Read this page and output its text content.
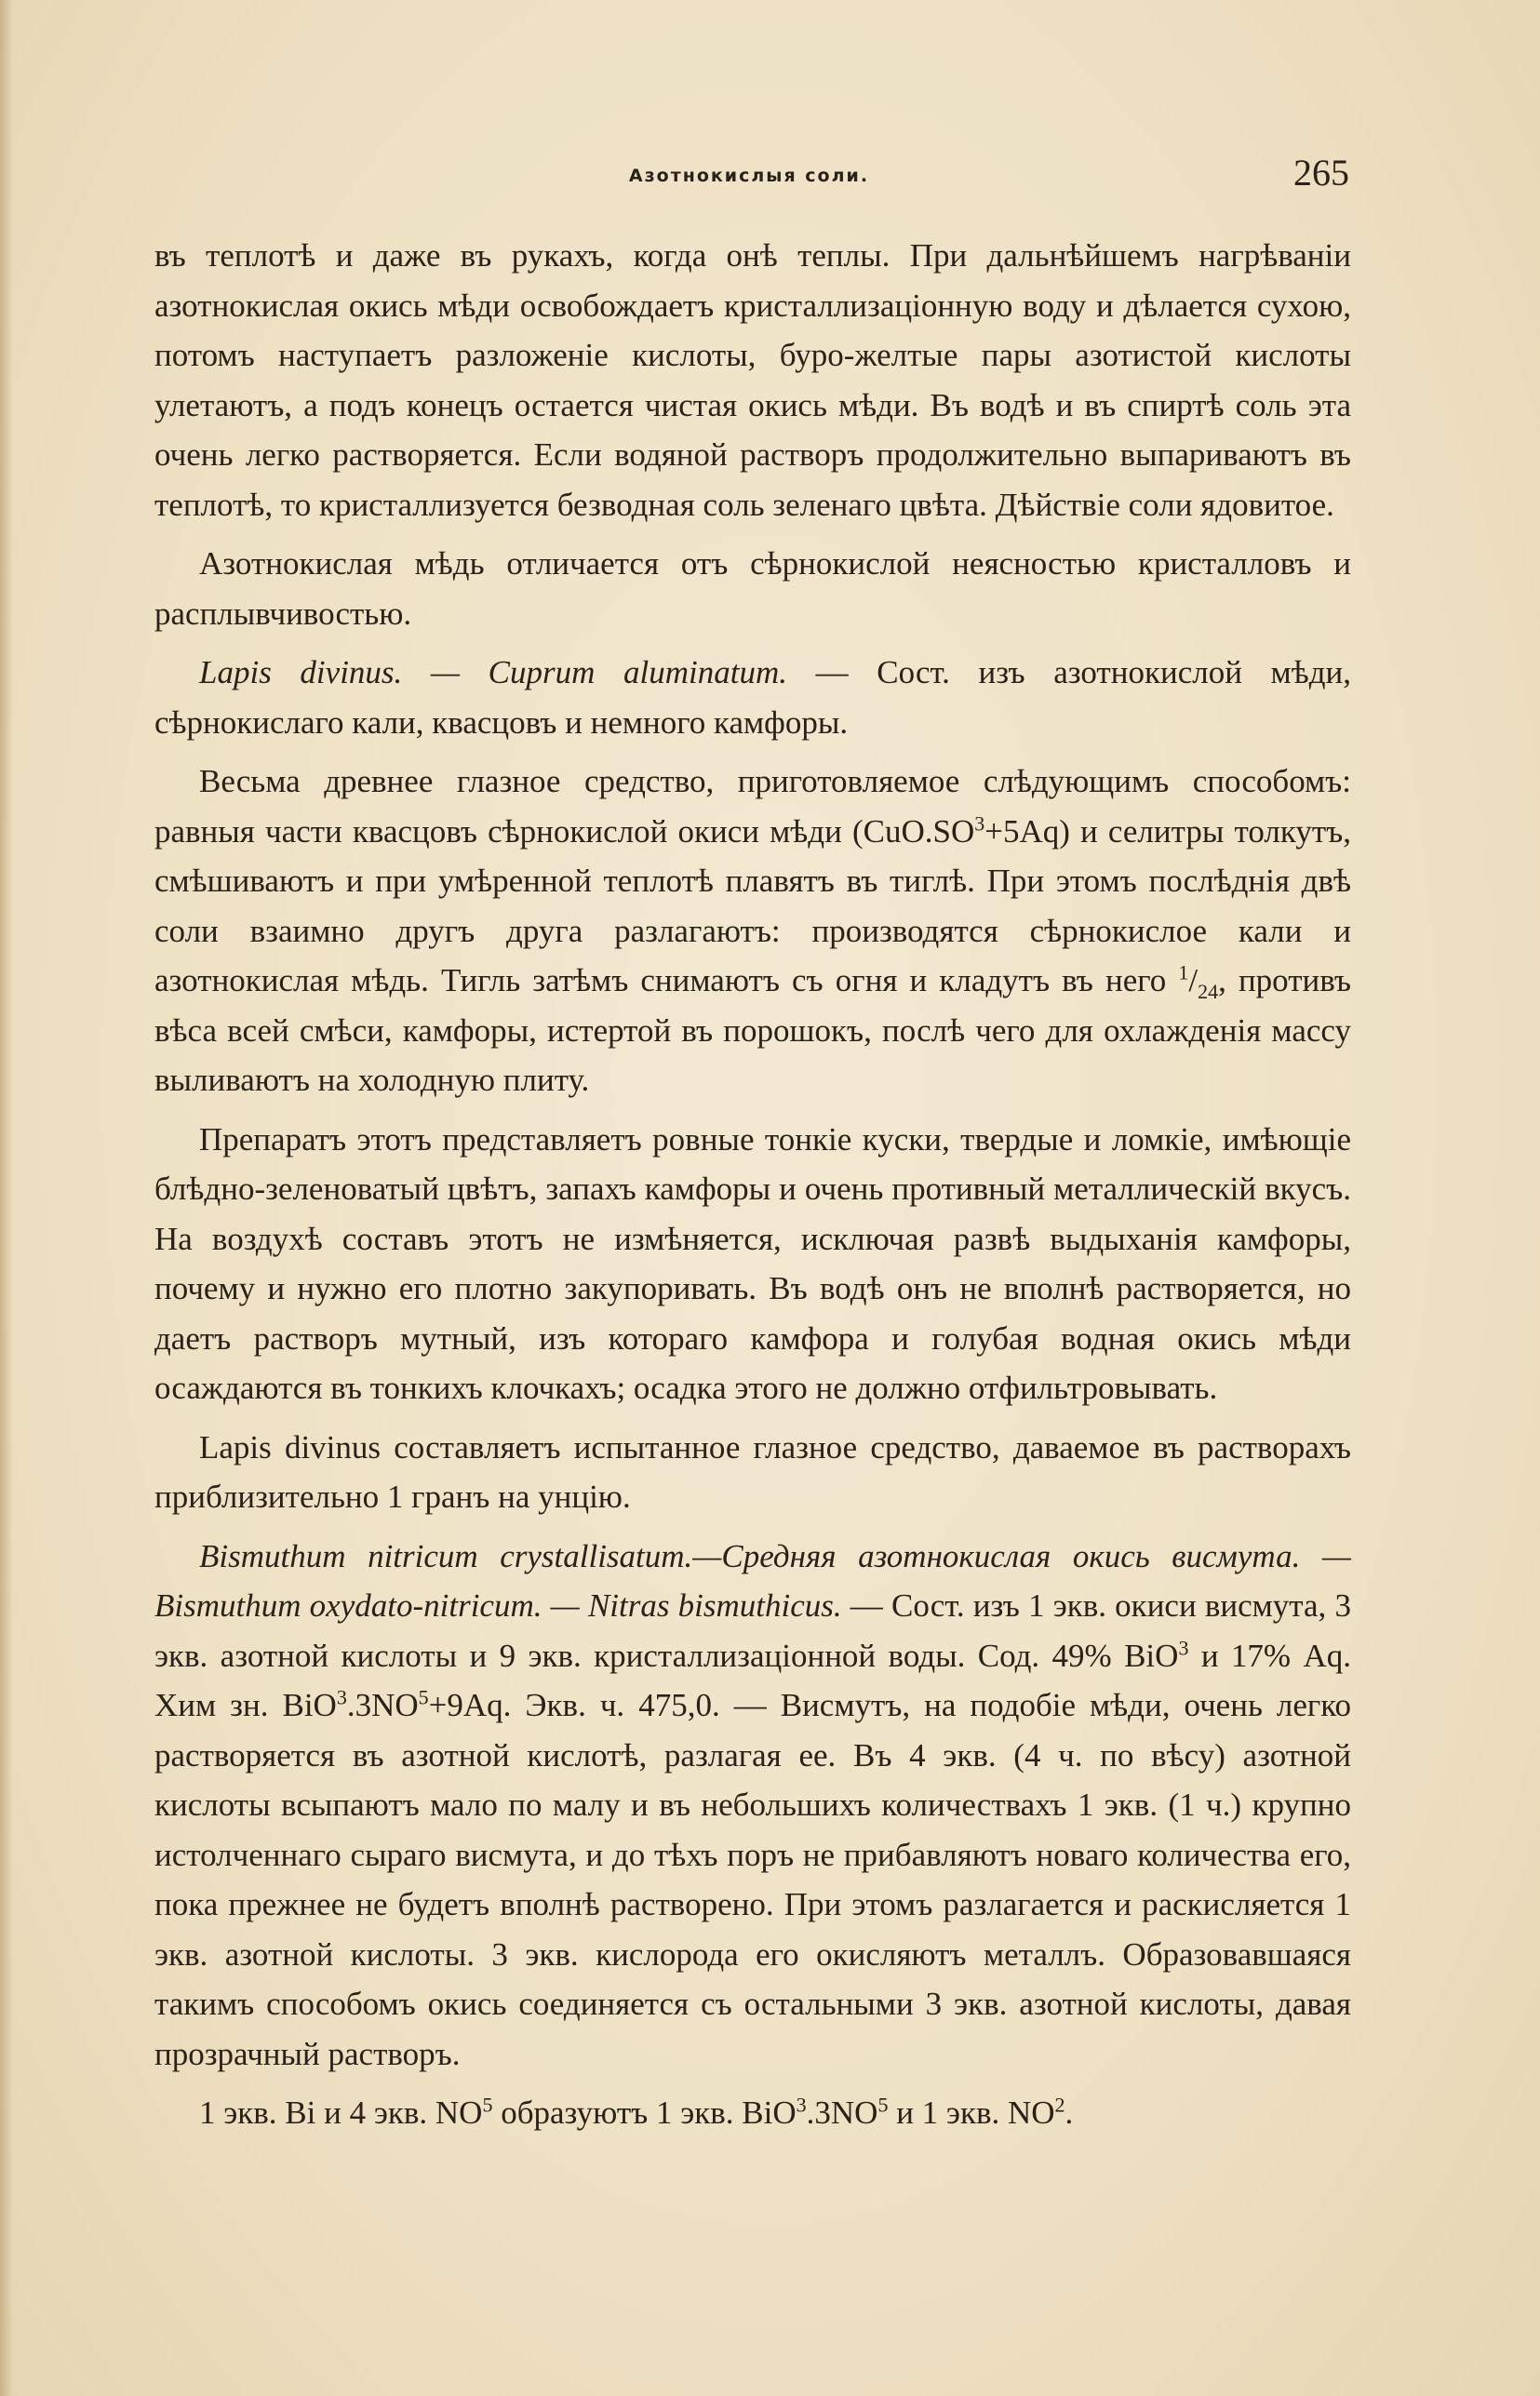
Азотнокислыя соли.	265

въ теплотѣ и даже въ рукахъ, когда онѣ теплы. При дальнѣйшемъ нагрѣваніи азотнокислая окись мѣди освобождаетъ кристаллизаціонную воду и дѣлается сухою, потомъ наступаетъ разложеніе кислоты, буро-желтые пары азотистой кислоты улетаютъ, а подъ конецъ остается чистая окись мѣди. Въ водѣ и въ спиртѣ соль эта очень легко растворяется. Если водяной растворъ продолжительно выпариваютъ въ теплотѣ, то кристаллизуется безводная соль зеленаго цвѣта. Дѣйствіе соли ядовитое.

Азотнокислая мѣдь отличается отъ сѣрнокислой неясностью кристалловъ и расплывчивостью.

Lapis divinus. — Cuprum aluminatum. — Сост. изъ азотнокислой мѣди, сѣрнокислаго кали, квасцовъ и немного камфоры.

Весьма древнее глазное средство, приготовляемое слѣдующимъ способомъ: равныя части квасцовъ сѣрнокислой окиси мѣди $(CuO.SO^3+5Aq)$ и селитры толкутъ, смѣшиваютъ и при умѣренной теплотѣ плавятъ въ тиглѣ. При этомъ послѣднія двѣ соли взаимно другъ друга разлагаютъ: производятся сѣрнокислое кали и азотнокислая мѣдь. Тигль затѣмъ снимаютъ съ огня и кладутъ въ него $^1/_{24}$, противъ вѣса всей смѣси, камфоры, истертой въ порошокъ, послѣ чего для охлажденія массу выливаютъ на холодную плиту.

Препаратъ этотъ представляетъ ровные тонкіе куски, твердые и ломкіе, имѣющіе блѣдно-зеленоватый цвѣтъ, запахъ камфоры и очень противный металлическій вкусъ. На воздухѣ составъ этотъ не измѣняется, исключая развѣ выдыханія камфоры, почему и нужно его плотно закупоривать. Въ водѣ онъ не вполнѣ растворяется, но даетъ растворъ мутный, изъ котораго камфора и голубая водная окись мѣди осаждаются въ тонкихъ клочкахъ; осадка этого не должно отфильтровывать.

Lapis divinus составляетъ испытанное глазное средство, даваемое въ растворахъ приблизительно 1 гранъ на унцію.

Bismuthum nitricum crystallisatum.—Средняя азотнокислая окись висмута. — Bismuthum oxydato-nitricum. — Nitras bismuthicus. — Сост. изъ 1 экв. окиси висмута, 3 экв. азотной кислоты и 9 экв. кристаллизаціонной воды. Сод. 49% BiO$^3$ и 17% Aq. Хим зн. $BiO^3.3NO^5+9Aq$. Экв. ч. 475,0. — Висмутъ, на подобіе мѣди, очень легко растворяется въ азотной кислотѣ, разлагая ее. Въ 4 экв. (4 ч. по вѣсу) азотной кислоты всыпаютъ мало по малу и въ небольшихъ количествахъ 1 экв. (1 ч.) крупно истолченнаго сыраго висмута, и до тѣхъ поръ не прибавляютъ новаго количества его, пока прежнее не будетъ вполнѣ растворено. При этомъ разлагается и раскисляется 1 экв. азотной кислоты. 3 экв. кислорода его окисляютъ металлъ. Образовавшаяся такимъ способомъ окись соединяется съ остальными 3 экв. азотной кислоты, давая прозрачный растворъ.

1 экв. Bi и 4 экв. $NO^5$ образуютъ 1 экв. $BiO^3.3NO^5$ и 1 экв. $NO^2$.
